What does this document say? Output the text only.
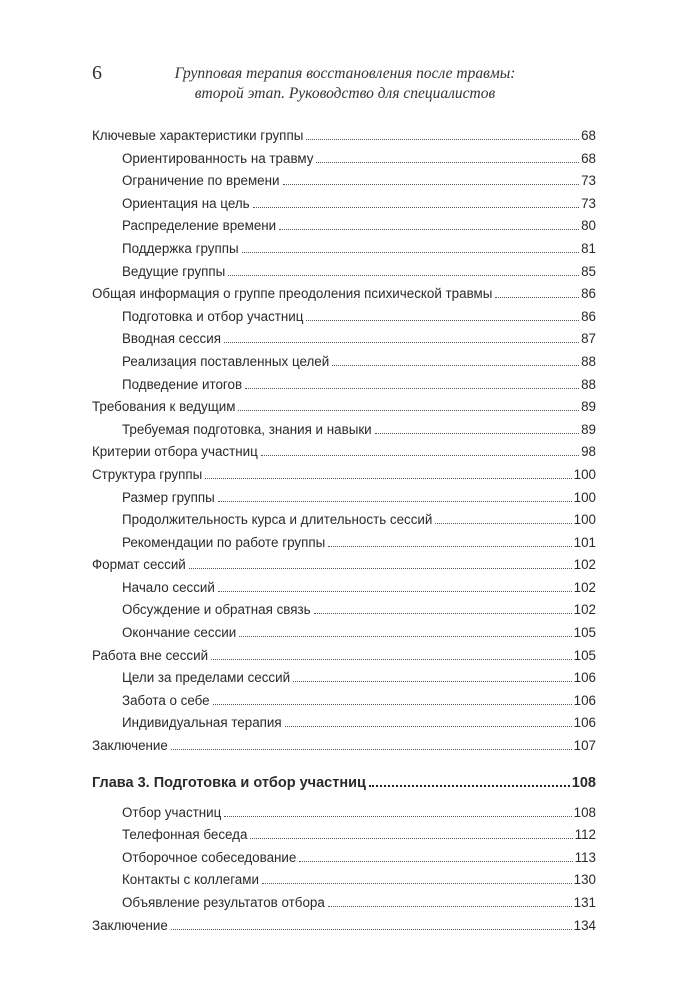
6	Групповая терапия восстановления после травмы:
второй этап. Руководство для специалистов
Ключевые характеристики группы	68
Ориентированность на травму	68
Ограничение по времени	73
Ориентация на цель	73
Распределение времени	80
Поддержка группы	81
Ведущие группы	85
Общая информация о группе преодоления психической травмы	86
Подготовка и отбор участниц	86
Вводная сессия	87
Реализация поставленных целей	88
Подведение итогов	88
Требования к ведущим	89
Требуемая подготовка, знания и навыки	89
Критерии отбора участниц	98
Структура группы	100
Размер группы	100
Продолжительность курса и длительность сессий	100
Рекомендации по работе группы	101
Формат сессий	102
Начало сессий	102
Обсуждение и обратная связь	102
Окончание сессии	105
Работа вне сессий	105
Цели за пределами сессий	106
Забота о себе	106
Индивидуальная терапия	106
Заключение	107
Глава 3. Подготовка и отбор участниц	108
Отбор участниц	108
Телефонная беседа	112
Отборочное собеседование	113
Контакты с коллегами	130
Объявление результатов отбора	131
Заключение	134
